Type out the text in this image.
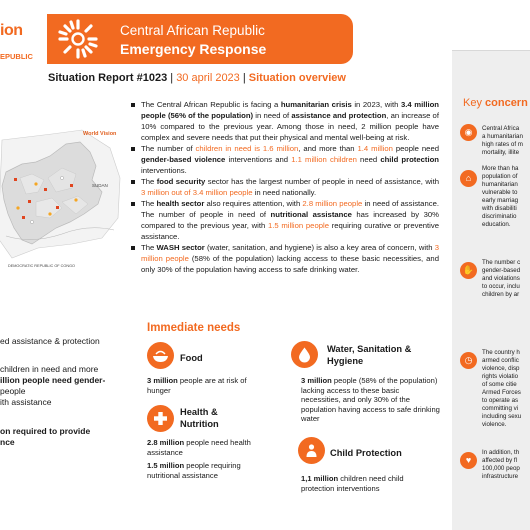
ion
EPUBLIC
Central African Republic
Emergency Response
Situation Report #1023 | 30 april 2023 | Situation overview
World Vision
SUDAN
DEMOCRATIC REPUBLIC OF CONGO
ed assistance & protection
children in need and more
illion people need gender-
people
ith assistance
on required to provide
nce

The Central African Republic is facing a humanitarian crisis in 2023, with 3.4 million people (56% of the population) in need of assistance and protection, an increase of 10% compared to the previous year. Among those in need, 2 million people have complex and severe needs that put their physical and mental well-being at risk.

The number of children in need is 1.6 million, and more than 1.4 million people need gender-based violence interventions and 1.1 million children need child protection interventions.

The food security sector has the largest number of people in need of assistance, with 3 million out of 3.4 million people in need nationally.

The health sector also requires attention, with 2.8 million people in need of assistance. The number of people in need of nutritional assistance has increased by 30% compared to the previous year, with 1.5 million people requiring curative or preventive assistance.

The WASH sector (water, sanitation, and hygiene) is also a key area of concern, with 3 million people (58% of the population) lacking access to these basic necessities, and only 30% of the population having access to safe drinking water.

Immediate needs
Food
3 million people are at risk of hunger
Health &
Nutrition
2.8 million people need health assistance

1.5 million people requiring nutritional assistance
Water, Sanitation &
Hygiene
3 million people (58% of the population) lacking access to these basic necessities, and only 30% of the population having access to safe drinking water
Child Protection
1,1 million children need child protection interventions
Key concern
◉	Central Africa
a humanitarian
high rates of m
mortality, illite
⌂
More than ha
population of
humanitarian
vulnerable to
early marriag
with disabiliti
discriminatio
education.
✋
The number c
gender-based
and violations
to occur, inclu
children by ar
◷
The country h
armed conflic
violence, disp
rights violatio
of some citie
Armed Forces
to operate as
committing vi
including sexu
violence.
♥
In addition, th
affected by fl
100,000 peop
infrastructure
